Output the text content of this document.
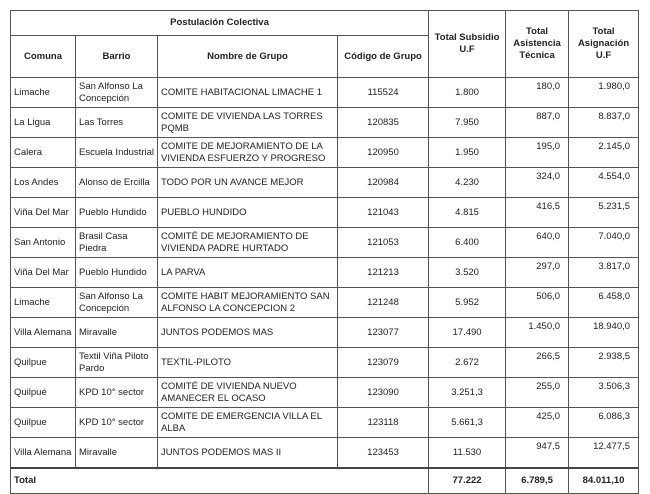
Postulación Colectiva				Total Subsidio U.F	Total Asistencia Técnica	Total Asignación U.F
Comuna	Barrio	Nombre de Grupo	Código de Grupo			
Limache	San Alfonso La Concepción	COMITE HABITACIONAL LIMACHE 1	115524	1.800	180,0	1.980,0
La Ligua	Las Torres	COMITE DE VIVIENDA LAS TORRES PQMB	120835	7.950	887,0	8.837,0
Calera	Escuela Industrial	COMITE DE MEJORAMIENTO DE LA VIVIENDA ESFUERZO Y PROGRESO	120950	1.950	195,0	2.145,0
Los Andes	Alonso de Ercilla	TODO POR UN AVANCE MEJOR	120984	4.230	324,0	4.554,0
Viña Del Mar	Pueblo Hundido	PUEBLO HUNDIDO	121043	4.815	416,5	5.231,5
San Antonio	Brasil Casa Piedra	COMITÉ DE MEJORAMIENTO DE VIVIENDA PADRE HURTADO	121053	6.400	640,0	7.040,0
Viña Del Mar	Pueblo Hundido	LA PARVA	121213	3.520	297,0	3.817,0
Limache	San Alfonso La Concepción	COMITE HABIT MEJORAMIENTO SAN ALFONSO LA CONCEPCION 2	121248	5.952	506,0	6.458,0
Villa Alemana	Miravalle	JUNTOS PODEMOS MAS	123077	17.490	1.450,0	18.940,0
Quilpue	Textil Viña Piloto Pardo	TEXTIL-PILOTO	123079	2.672	266,5	2.938,5
Quilpué	KPD 10° sector	COMITÉ DE VIVIENDA NUEVO AMANECER EL OCASO	123090	3.251,3	255,0	3.506,3
Quilpue	KPD 10° sector	COMITE DE EMERGENCIA VILLA EL ALBA	123118	5.661,3	425,0	6.086,3
Villa Alemana	Miravalle	JUNTOS PODEMOS MAS II	123453	11.530	947,5	12.477,5
Total				77.222	6.789,5	84.011,10
